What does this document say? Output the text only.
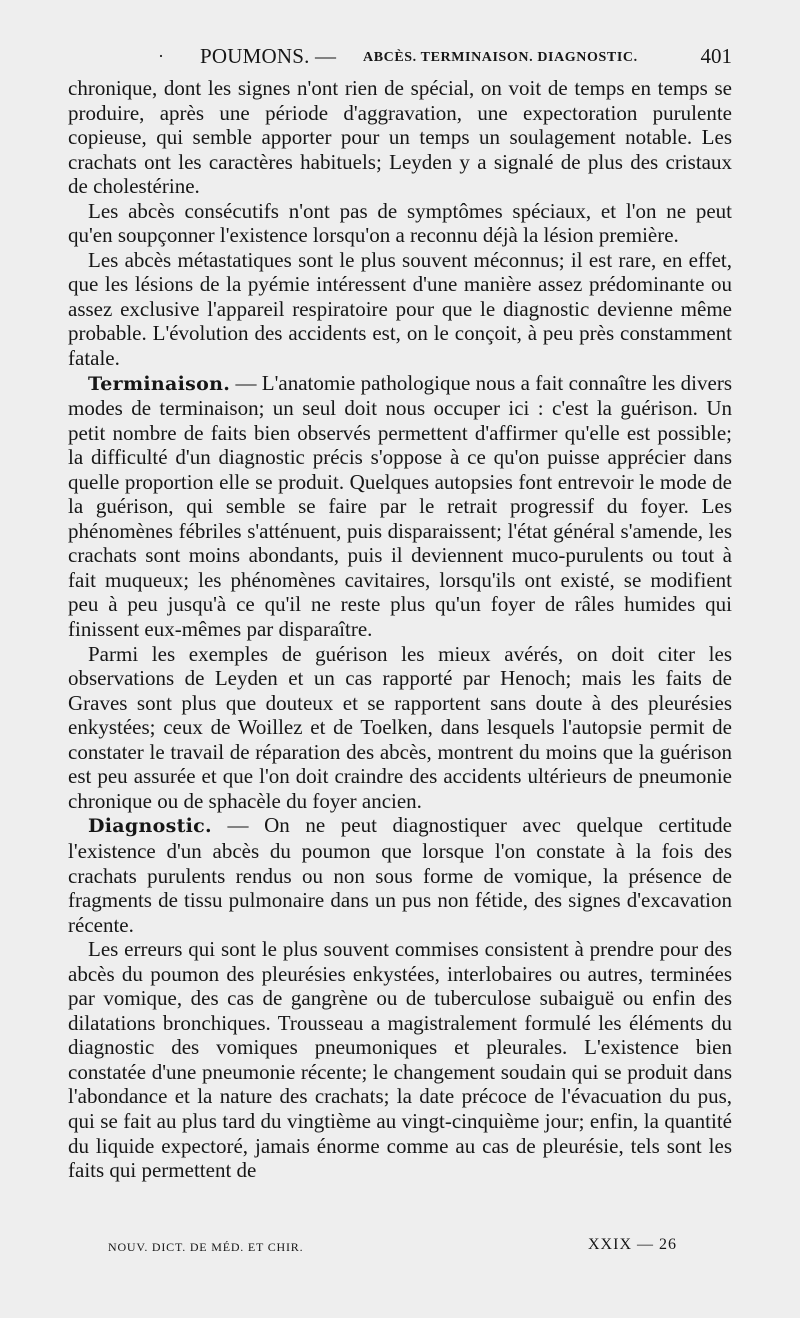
· POUMONS. — ABCÈS. TERMINAISON. DIAGNOSTIC.	401

chronique, dont les signes n'ont rien de spécial, on voit de temps en temps se produire, après une période d'aggravation, une expectoration purulente copieuse, qui semble apporter pour un temps un soulagement notable. Les crachats ont les caractères habituels; Leyden y a signalé de plus des cristaux de cholestérine.

Les abcès consécutifs n'ont pas de symptômes spéciaux, et l'on ne peut qu'en soupçonner l'existence lorsqu'on a reconnu déjà la lésion première.

Les abcès métastatiques sont le plus souvent méconnus; il est rare, en effet, que les lésions de la pyémie intéressent d'une manière assez prédominante ou assez exclusive l'appareil respiratoire pour que le diagnostic devienne même probable. L'évolution des accidents est, on le conçoit, à peu près constamment fatale.

Terminaison. — L'anatomie pathologique nous a fait connaître les divers modes de terminaison; un seul doit nous occuper ici : c'est la guérison. Un petit nombre de faits bien observés permettent d'affirmer qu'elle est possible; la difficulté d'un diagnostic précis s'oppose à ce qu'on puisse apprécier dans quelle proportion elle se produit. Quelques autopsies font entrevoir le mode de la guérison, qui semble se faire par le retrait progressif du foyer. Les phénomènes fébriles s'atténuent, puis disparaissent; l'état général s'amende, les crachats sont moins abondants, puis il deviennent muco-purulents ou tout à fait muqueux; les phénomènes cavitaires, lorsqu'ils ont existé, se modifient peu à peu jusqu'à ce qu'il ne reste plus qu'un foyer de râles humides qui finissent eux-mêmes par disparaître.

Parmi les exemples de guérison les mieux avérés, on doit citer les observations de Leyden et un cas rapporté par Henoch; mais les faits de Graves sont plus que douteux et se rapportent sans doute à des pleurésies enkystées; ceux de Woillez et de Toelken, dans lesquels l'autopsie permit de constater le travail de réparation des abcès, montrent du moins que la guérison est peu assurée et que l'on doit craindre des accidents ultérieurs de pneumonie chronique ou de sphacèle du foyer ancien.

Diagnostic. — On ne peut diagnostiquer avec quelque certitude l'existence d'un abcès du poumon que lorsque l'on constate à la fois des crachats purulents rendus ou non sous forme de vomique, la présence de fragments de tissu pulmonaire dans un pus non fétide, des signes d'excavation récente.

Les erreurs qui sont le plus souvent commises consistent à prendre pour des abcès du poumon des pleurésies enkystées, interlobaires ou autres, terminées par vomique, des cas de gangrène ou de tuberculose subaiguë ou enfin des dilatations bronchiques. Trousseau a magistralement formulé les éléments du diagnostic des vomiques pneumoniques et pleurales. L'existence bien constatée d'une pneumonie récente; le changement soudain qui se produit dans l'abondance et la nature des crachats; la date précoce de l'évacuation du pus, qui se fait au plus tard du vingtième au vingt-cinquième jour; enfin, la quantité du liquide expectoré, jamais énorme comme au cas de pleurésie, tels sont les faits qui permettent de

NOUV. DICT. DE MÉD. ET CHIR.	XXIX — 26
